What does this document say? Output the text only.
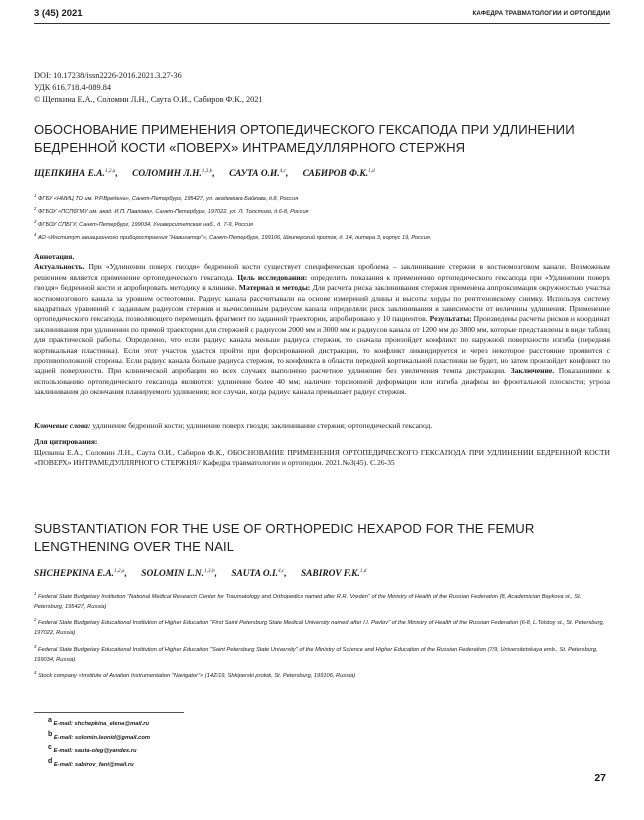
3 (45) 2021	КАФЕДРА ТРАВМАТОЛОГИИ И ОРТОПЕДИИ
DOI: 10.17238/issn2226-2016.2021.3.27-36
УДК 616.718.4-089.84
© Щепкина Е.А., Соломин Л.Н., Саута О.И., Сабиров Ф.К., 2021
ОБОСНОВАНИЕ ПРИМЕНЕНИЯ ОРТОПЕДИЧЕСКОГО ГЕКСАПОДА ПРИ УДЛИНЕНИИ БЕДРЕННОЙ КОСТИ «ПОВЕРХ» ИНТРАМЕДУЛЛЯРНОГО СТЕРЖНЯ
ЩЕПКИНА Е.А.$^{1,2,a}$, СОЛОМИН Л.Н.$^{1,3,b}$, САУТА О.И.$^{4,c}$, САБИРОВ Ф.К.$^{1,d}$
$^1$ ФГБУ «НМИЦ ТО им. Р.Р.Вредена», Санкт-Петербург, 195427, ул. академика Байкова, д.8, Россия
$^2$ ФГБОУ «ПСПбГМУ им. акад. И.П. Павлова», Санкт-Петербург, 197022, ул. Л. Толстого, д.6-8, Россия
$^3$ ФГБОУ СПБГУ, Санкт-Петербург, 199034, Университетская наб., д. 7-9, Россия
$^4$ АО «Институт авиационного приборостроения "Навигатор"», Санкт-Петербург, 199106, Шкиперский проток, д. 14, литера 3, корпус 19, Россия.

Аннотация.

Актуальность. При «Удлинении поверх гвоздя» бедренной кости существует специфическая проблема – заклинивание стержня в костномозговом канале. Возможным решением является применение ортопедического гексапода. Цель исследования: определить показания к применению ортопедического гексапода при «Удлинении поверх гвоздя» бедренной кости и апробировать методику в клинике. Материал и методы: Для расчета риска заклинивания стержня применена аппроксимация окружностью участка костномозгового канала за уровнем остеотомии. Радиус канала рассчитывали на основе измерений длины и высоты хорды по рентгеновскому снимку. Используя систему квадратных уравнений с заданным радиусом стержня и вычисленным радиусом канала определяли риск заклинивания в зависимости от величины удлинения. Применение ортопедического гексапода, позволяющего перемещать фрагмент по заданной траектории, апробировано у 10 пациентов. Результаты: Произведены расчеты рисков и координат заклинивания при удлинении по прямой траектории для стержней с радиусом 2000 мм и 3000 мм и радиусов канала от 1200 мм до 3800 мм, которые представлены в виде таблиц для практической работы. Определено, что если радиус канала меньше радиуса стержня, то сначала произойдет конфликт по наружной поверхности изгиба (передняя кортикальная пластинка). Если этот участок удастся пройти при форсированной дистракции, то конфликт ликвидируется и через некоторое расстояние проявится с противоположной стороны. Если радиус канала больше радиуса стержня, то конфликта в области передней кортикальной пластинки не будет, но затем произойдет конфликт по задней поверхности. При клинической апробации во всех случаях выполнено расчетное удлинение без увеличения темпа дистракции. Заключение. Показаниями к использованию ортопедического гексапода являются: удлинение более 40 мм; наличие торсионной деформации или изгиба диафиза во фронтальной плоскости; угроза заклинивания до окончания планируемого удлинения; все случаи, когда радиус канала превышает радиус стержня.

Ключевые слова: удлинение бедренной кости; удлинение поверх гвоздя; заклинивание стержня; ортопедический гексапод.
Для цитирования:
Щепкина Е.А., Соломин Л.Н., Саута О.И., Сабиров Ф.К., ОБОСНОВАНИЕ ПРИМЕНЕНИЯ ОРТОПЕДИЧЕСКОГО ГЕКСАПОДА ПРИ УДЛИНЕНИИ БЕДРЕННОЙ КОСТИ «ПОВЕРХ» ИНТРАМЕДУЛЛЯРНОГО СТЕРЖНЯ// Кафедра травматологии и ортопедии. 2021.№3(45). С.26-35
SUBSTANTIATION FOR THE USE OF ORTHOPEDIC HEXAPOD FOR THE FEMUR LENGTHENING OVER THE NAIL
SHCHEPKINA E.A.$^{1,2,a}$, SOLOMIN L.N.$^{1,3,b}$, SAUTA O.I.$^{4,c}$, SABIROV F.K.$^{1,d}$
$^1$ Federal State Budgetary Institution "National Medical Research Center for Traumatology and Orthopedics named after R.R. Vreden" of the Ministry of Health of the Russian Federation (8, Academician Baykova st., St. Petersburg, 195427, Russia)
$^2$ Federal State Budgetary Educational Institution of Higher Education "First Saint Petersburg State Medical University named after I.I. Pavlov" of the Ministry of Health of the Russian Federation (6-8, L.Tolstoy st., St. Petersburg, 197022, Russia)
$^3$ Federal State Budgetary Educational Institution of Higher Education "Saint Petersburg State University" of the Ministry of Science and Higher Education of the Russian Federation (7/9, Universitetskaya emb., St. Petersburg, 199034, Russia)
$^4$ Stock company «Institute of Aviation Instrumentation "Navigator"» (14Z/19, Shkiperski protok, St. Petersburg, 199106, Russia)
$^a$ E-mail: shchepkina_elena@mail.ru
$^b$ E-mail: solomin.leonid@gmail.com
$^c$ E-mail: sauta-oleg@yandex.ru
$^d$ E-mail: sabirov_fani@mail.ru
27
